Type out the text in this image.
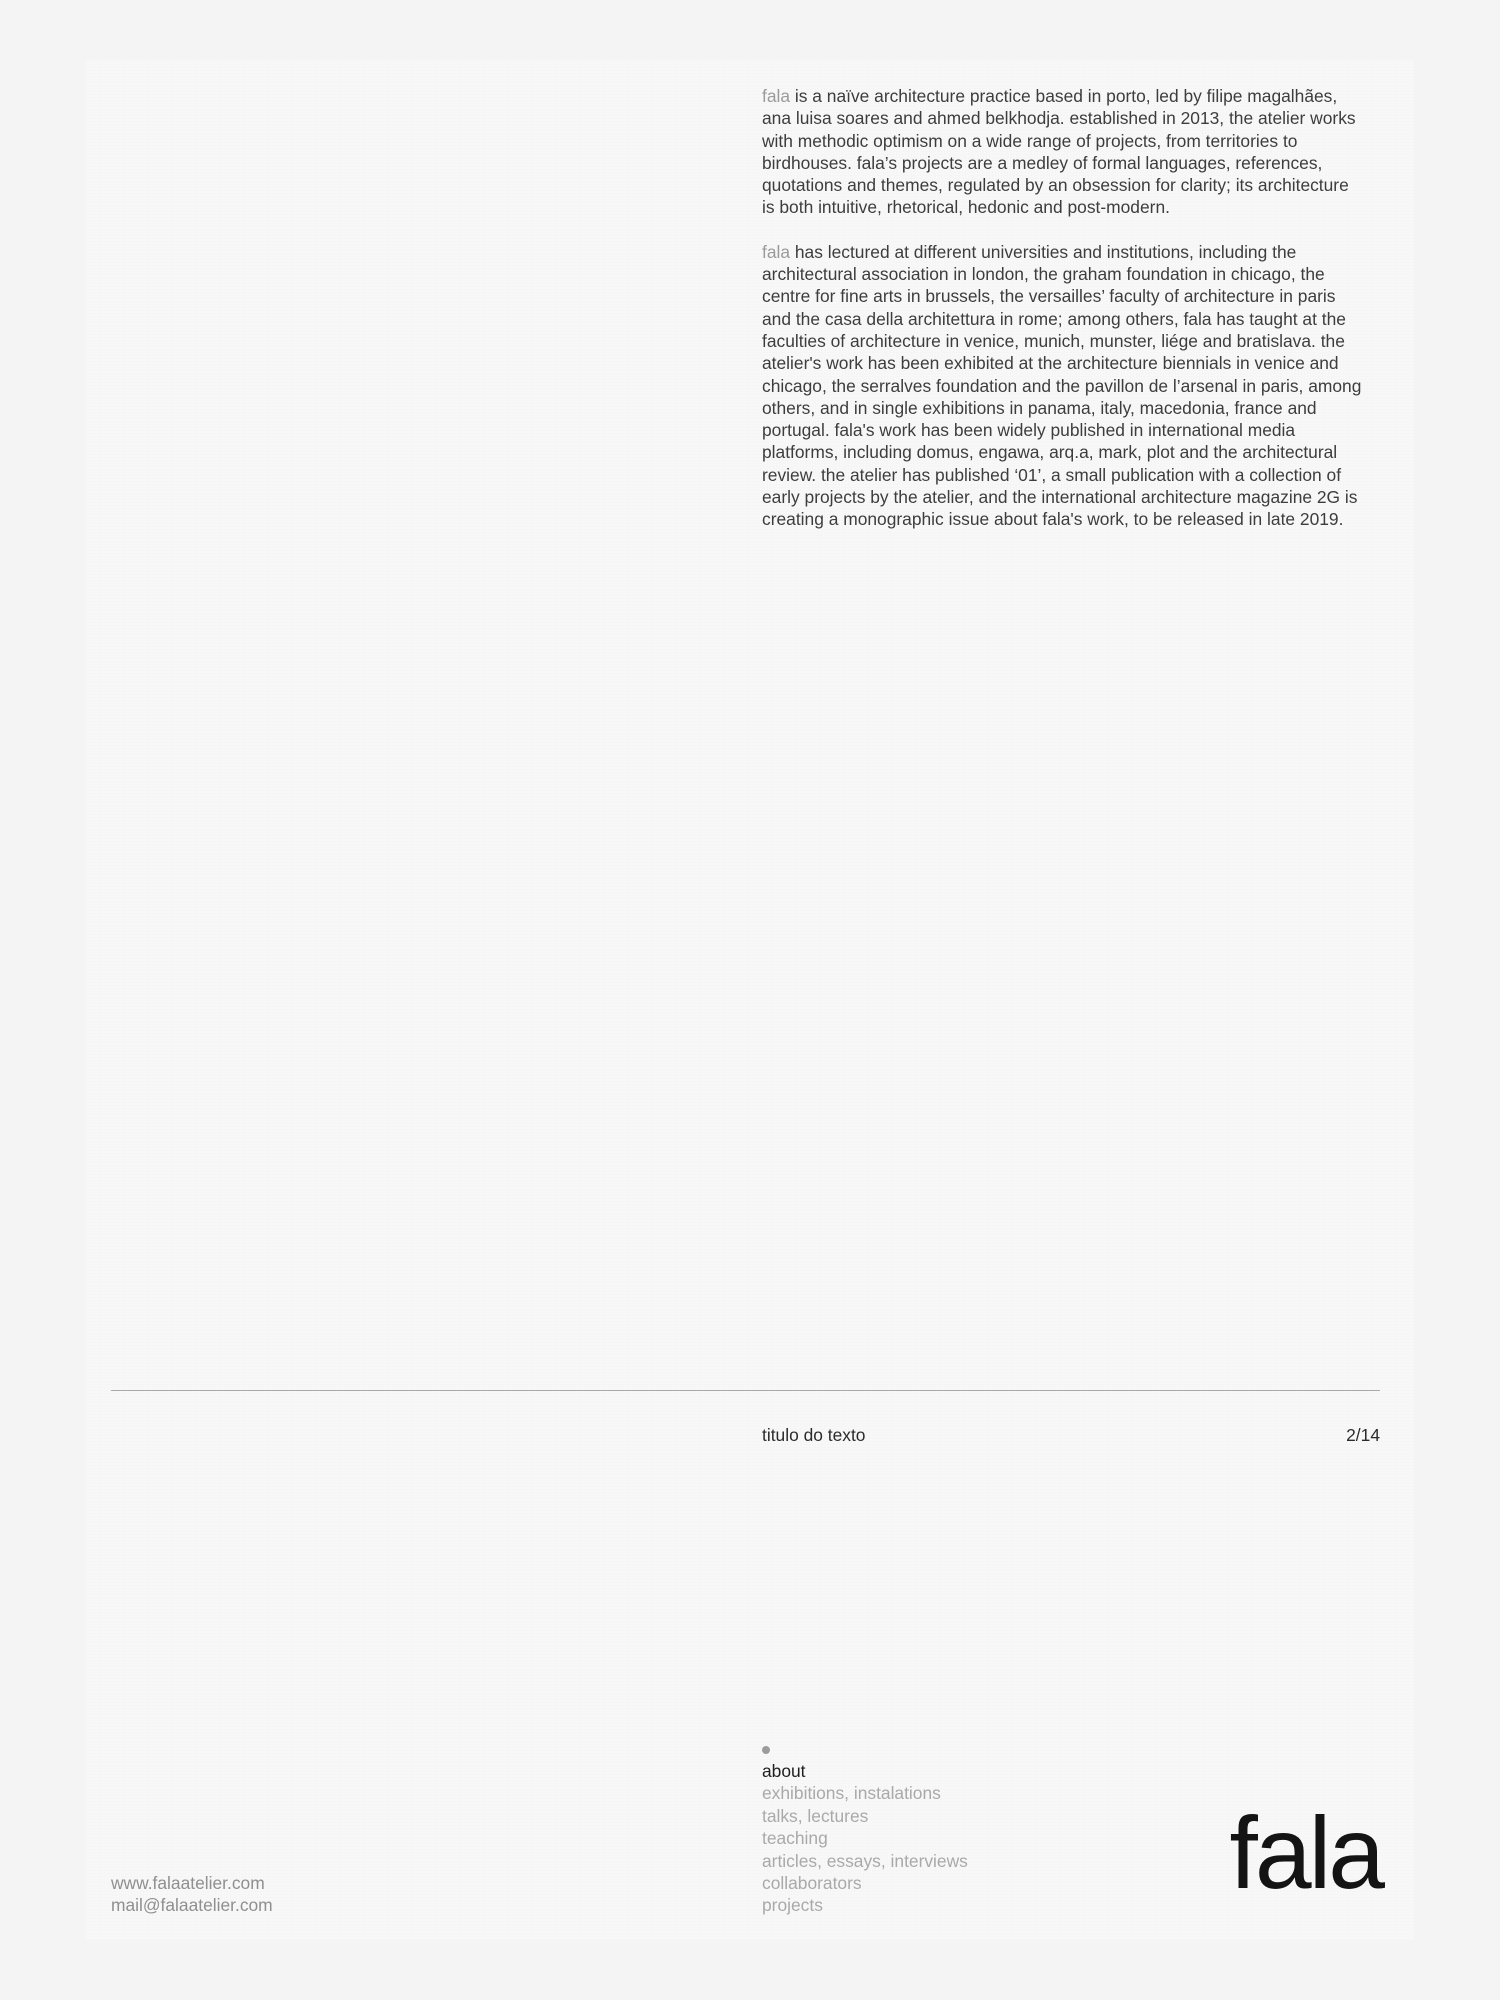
fala is a naïve architecture practice based in porto, led by filipe magalhães, ana luisa soares and ahmed belkhodja. established in 2013, the atelier works with methodic optimism on a wide range of projects, from territories to birdhouses. fala’s projects are a medley of formal languages, references, quotations and themes, regulated by an obsession for clarity; its architecture is both intuitive, rhetorical, hedonic and post-modern.

fala has lectured at different universities and institutions, including the architectural association in london, the graham foundation in chicago, the centre for fine arts in brussels, the versailles’ faculty of architecture in paris and the casa della architettura in rome; among others, fala has taught at the faculties of architecture in venice, munich, munster, liége and bratislava. the atelier's work has been exhibited at the architecture biennials in venice and chicago, the serralves foundation and the pavillon de l’arsenal in paris, among others, and in single exhibitions in panama, italy, macedonia, france and portugal. fala's work has been widely published in international media platforms, including domus, engawa, arq.a, mark, plot and the architectural review. the atelier has published ‘01’, a small publication with a collection of early projects by the atelier, and the international architecture magazine 2G is creating a monographic issue about fala's work, to be released in late 2019.

titulo do texto	2/14
about
exhibitions, instalations
talks, lectures
teaching
articles, essays, interviews
collaborators
projects
www.falaatelier.com
mail@falaatelier.com	fala
